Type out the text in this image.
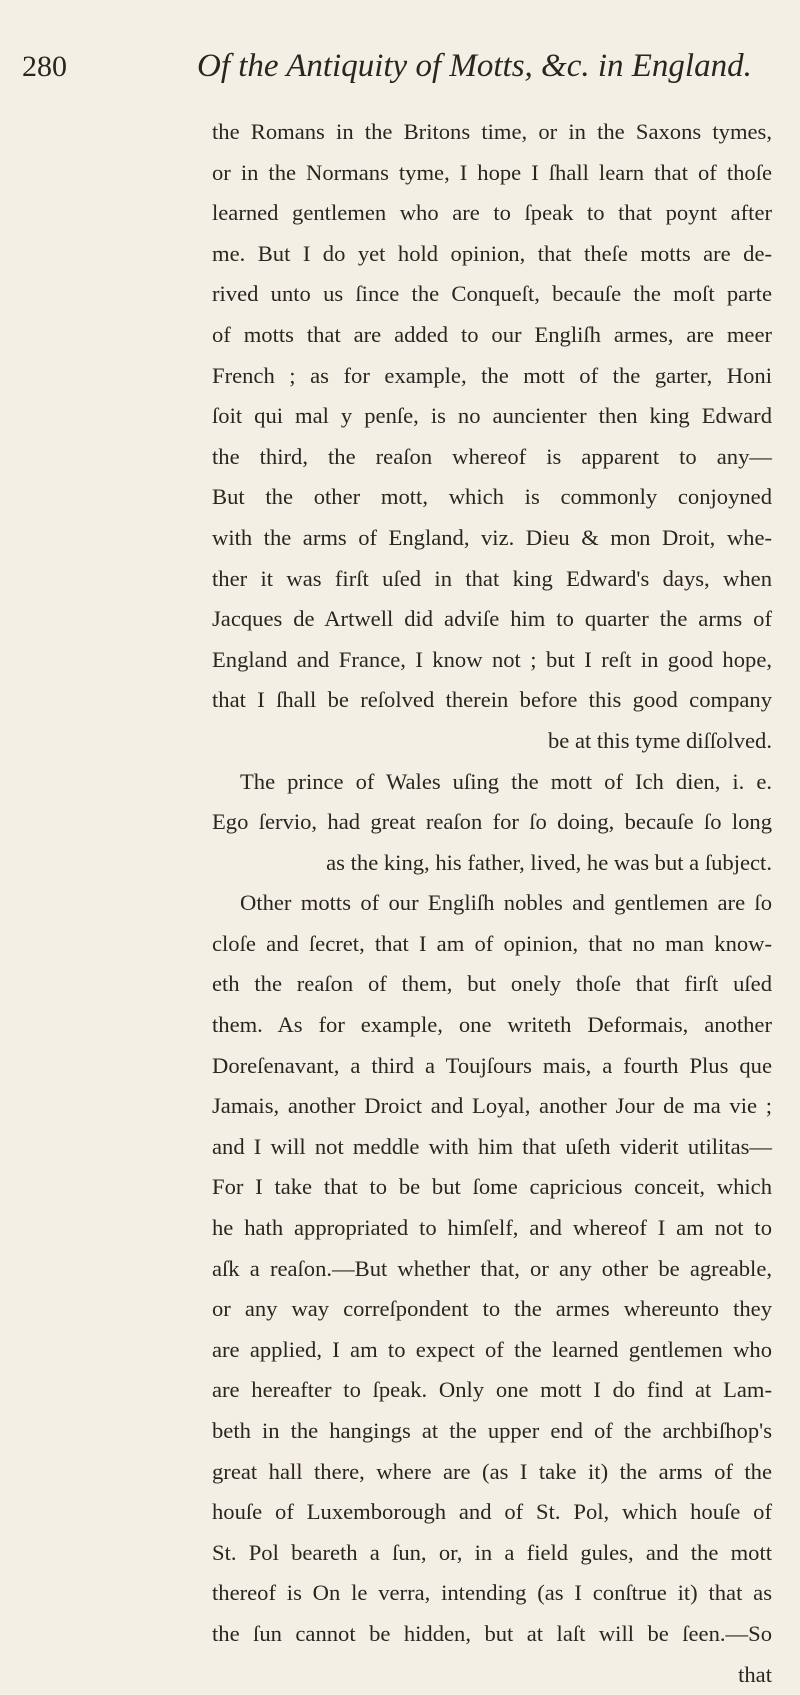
280	Of the Antiquity of Motts, &c. in England.
the Romans in the Britons time, or in the Saxons tymes,
or in the Normans tyme, I hope I ſhall learn that of thoſe
learned gentlemen who are to ſpeak to that poynt after
me. But I do yet hold opinion, that theſe motts are de-
rived unto us ſince the Conqueſt, becauſe the moſt parte
of motts that are added to our Engliſh armes, are meer
French ; as for example, the mott of the garter, Honi
ſoit qui mal y penſe, is no auncienter then king Edward
the third, the reaſon whereof is apparent to any—
But the other mott, which is commonly conjoyned
with the arms of England, viz. Dieu & mon Droit, whe-
ther it was firſt uſed in that king Edward's days, when
Jacques de Artwell did adviſe him to quarter the arms of
England and France, I know not ; but I reſt in good hope,
that I ſhall be reſolved therein before this good company
be at this tyme diſſolved.
The prince of Wales uſing the mott of Ich dien, i. e.
Ego ſervio, had great reaſon for ſo doing, becauſe ſo long
as the king, his father, lived, he was but a ſubject.
Other motts of our Engliſh nobles and gentlemen are ſo
cloſe and ſecret, that I am of opinion, that no man know-
eth the reaſon of them, but onely thoſe that firſt uſed
them. As for example, one writeth Deformais, another
Doreſenavant, a third a Toujſours mais, a fourth Plus que
Jamais, another Droict and Loyal, another Jour de ma vie ;
and I will not meddle with him that uſeth viderit utilitas—
For I take that to be but ſome capricious conceit, which
he hath appropriated to himſelf, and whereof I am not to
aſk a reaſon.—But whether that, or any other be agreable,
or any way correſpondent to the armes whereunto they
are applied, I am to expect of the learned gentlemen who
are hereafter to ſpeak. Only one mott I do find at Lam-
beth in the hangings at the upper end of the archbiſhop's
great hall there, where are (as I take it) the arms of the
houſe of Luxemborough and of St. Pol, which houſe of
St. Pol beareth a ſun, or, in a field gules, and the mott
thereof is On le verra, intending (as I conſtrue it) that as
the ſun cannot be hidden, but at laſt will be ſeen.—So
that
